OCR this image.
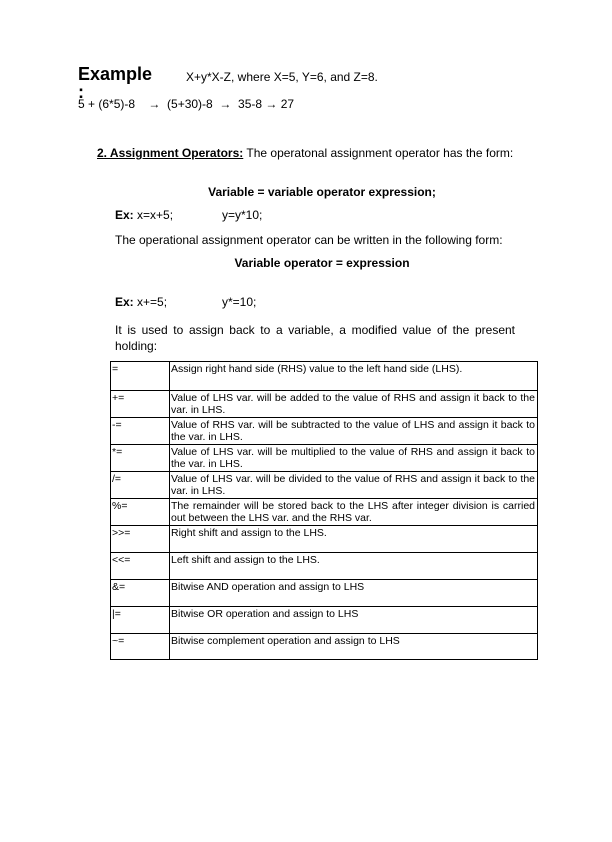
Example
:
X+y*X-Z, where X=5, Y=6, and Z=8.
5 + (6*5)-8    →  (5+30)-8  →  35-8 → 27
2. Assignment Operators: The operatonal assignment operator has the form:
Variable = variable operator expression;
Ex: x=x+5;	y=y*10;
The operational assignment operator can be written in the following form:
Variable operator = expression
Ex: x+=5;	y*=10;
It is used to assign back to a variable, a modified value of the present holding:
=	Assign right hand side (RHS) value to the left hand side (LHS).
+=	Value of LHS var. will be added to the value of RHS and assign it back to the var. in LHS.
-=	Value of RHS var. will be subtracted to the value of LHS and assign it back to the var. in LHS.
*=	Value of LHS var. will be multiplied to the value of RHS and assign it back to the var. in LHS.
/=	Value of LHS var. will be divided to the value of RHS and assign it back to the var. in LHS.
%=	The remainder will be stored back to the LHS after integer division is carried out between the LHS var. and the RHS var.
>>=	Right shift and assign to the LHS.
<<=	Left shift and assign to the LHS.
&=	Bitwise AND operation and assign to LHS
|=	Bitwise OR operation and assign to LHS
~=	Bitwise complement operation and assign to LHS
